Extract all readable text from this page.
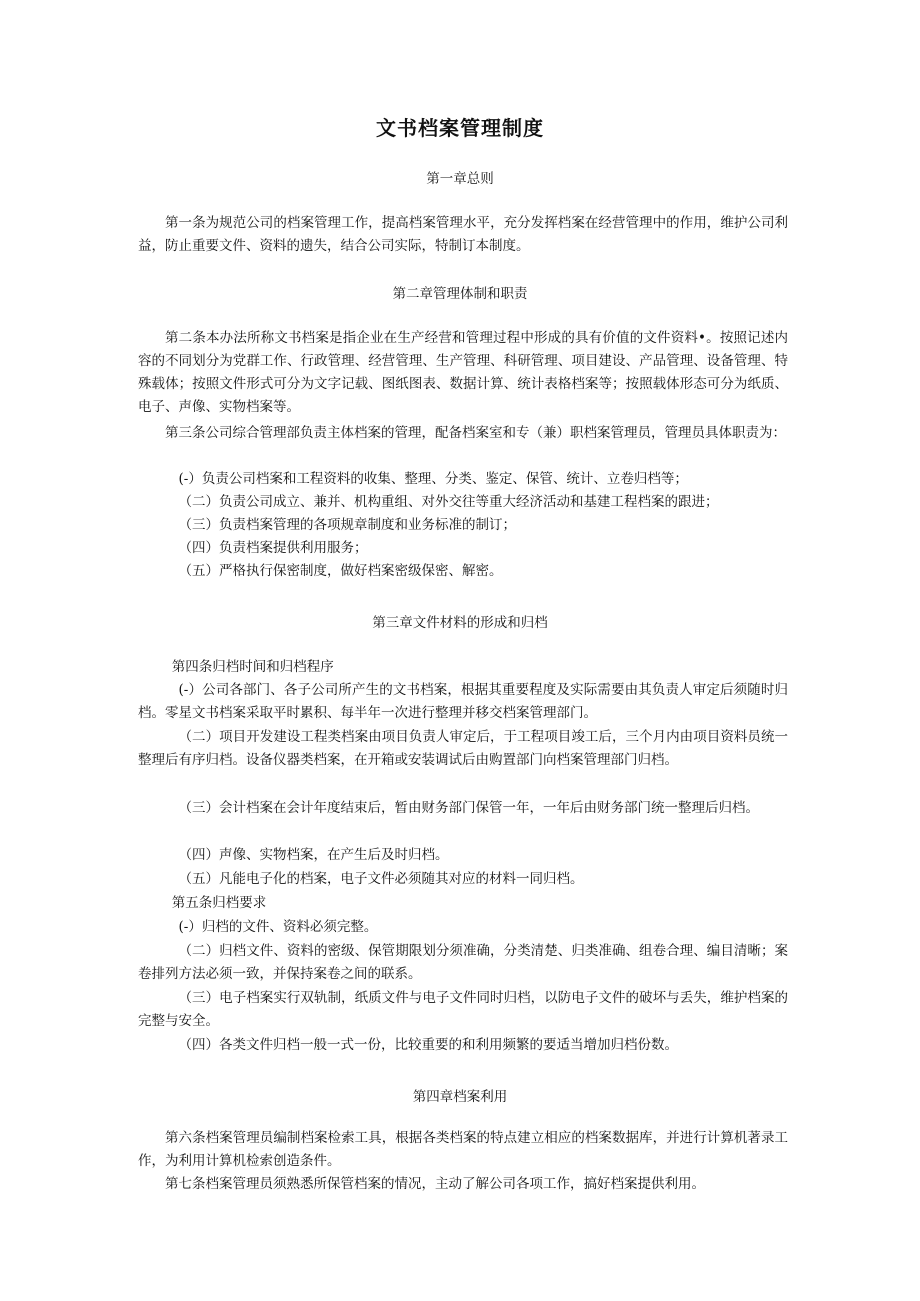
文书档案管理制度
第一章总则
第一条为规范公司的档案管理工作，提高档案管理水平，充分发挥档案在经营管理中的作用，维护公司利益，防止重要文件、资料的遗失，结合公司实际，特制订本制度。
第二章管理体制和职责
第二条本办法所称文书档案是指企业在生产经营和管理过程中形成的具有价值的文件资料•。按照记述内容的不同划分为党群工作、行政管理、经营管理、生产管理、科研管理、项目建设、产品管理、设备管理、特殊载体；按照文件形式可分为文字记载、图纸图表、数据计算、统计表格档案等；按照载体形态可分为纸质、电子、声像、实物档案等。
第三条公司综合管理部负责主体档案的管理，配备档案室和专（兼）职档案管理员，管理员具体职责为：
(-）负责公司档案和工程资料的收集、整理、分类、鉴定、保管、统计、立卷归档等；
（二）负责公司成立、兼并、机构重组、对外交往等重大经济活动和基建工程档案的跟进；
（三）负责档案管理的各项规章制度和业务标准的制订；
（四）负责档案提供利用服务；
（五）严格执行保密制度，做好档案密级保密、解密。
第三章文件材料的形成和归档
第四条归档时间和归档程序
(-）公司各部门、各子公司所产生的文书档案，根据其重要程度及实际需要由其负责人审定后须随时归档。零星文书档案采取平时累积、每半年一次进行整理并移交档案管理部门。
（二）项目开发建设工程类档案由项目负责人审定后，于工程项目竣工后，三个月内由项目资料员统一整理后有序归档。设备仪器类档案，在开箱或安装调试后由购置部门向档案管理部门归档。
（三）会计档案在会计年度结束后，暂由财务部门保管一年，一年后由财务部门统一整理后归档。
（四）声像、实物档案，在产生后及时归档。
（五）凡能电子化的档案，电子文件必须随其对应的材料一同归档。
第五条归档要求
(-）归档的文件、资料必须完整。
（二）归档文件、资料的密级、保管期限划分须准确，分类清楚、归类准确、组卷合理、编目清晰；案卷排列方法必须一致，并保持案卷之间的联系。
（三）电子档案实行双轨制，纸质文件与电子文件同时归档，以防电子文件的破坏与丢失，维护档案的完整与安全。
（四）各类文件归档一般一式一份，比较重要的和利用频繁的要适当增加归档份数。
第四章档案利用
第六条档案管理员编制档案检索工具，根据各类档案的特点建立相应的档案数据库，并进行计算机著录工作，为利用计算机检索创造条件。
第七条档案管理员须熟悉所保管档案的情况，主动了解公司各项工作，搞好档案提供利用。
